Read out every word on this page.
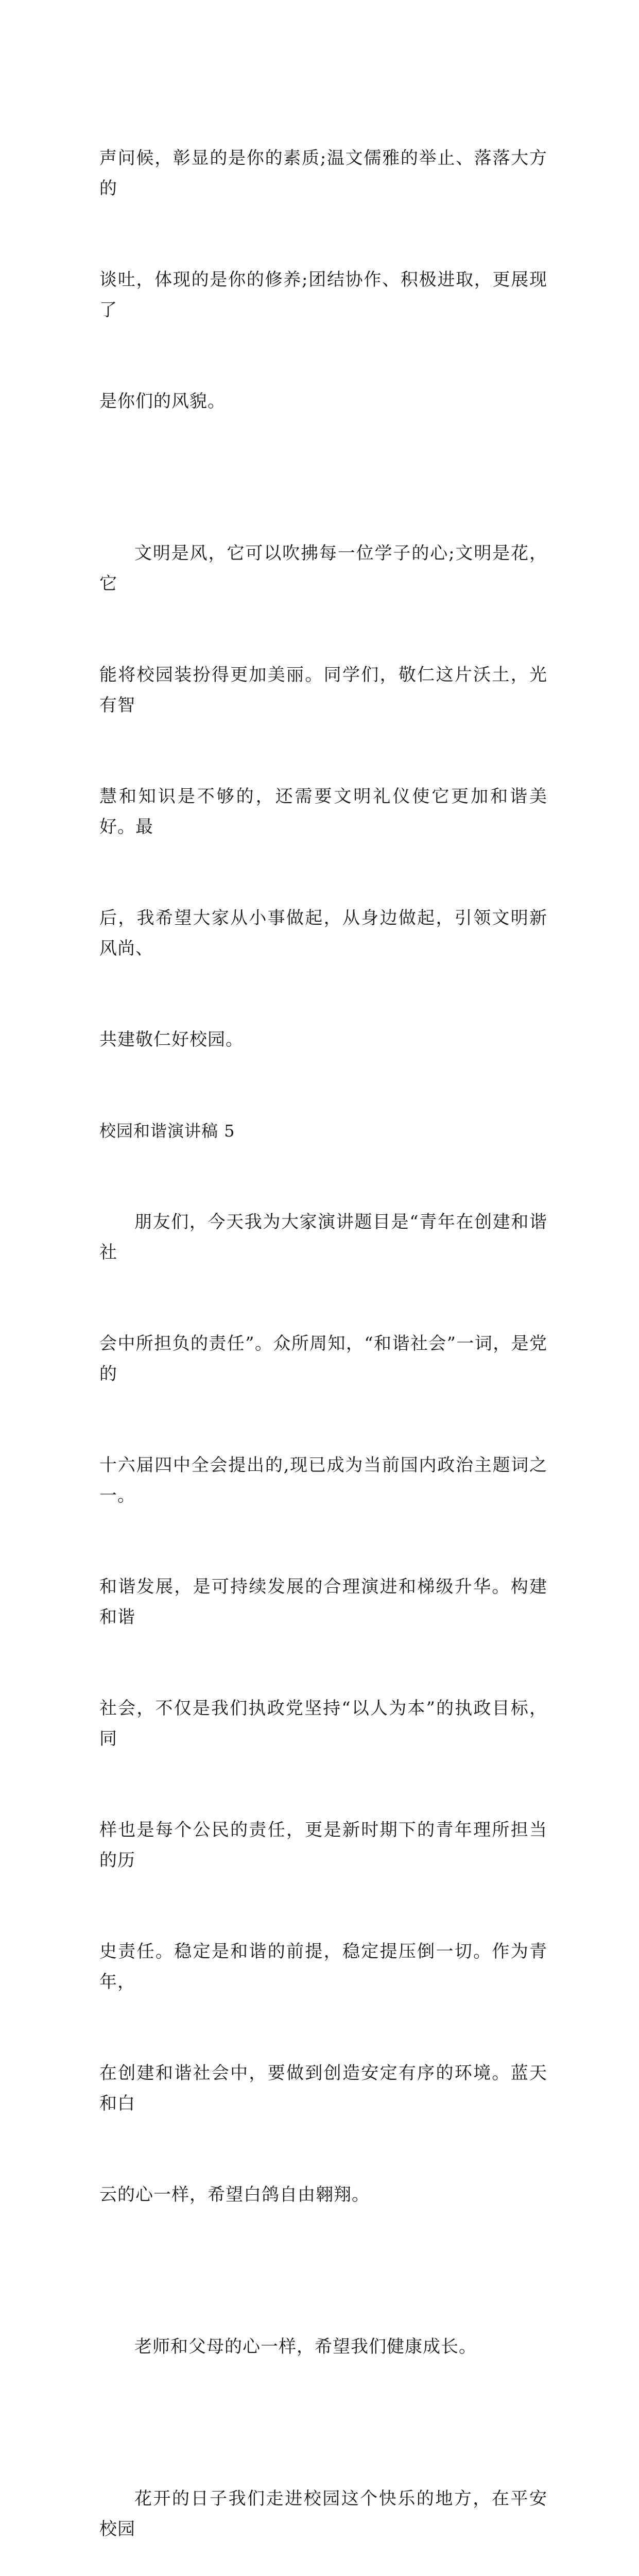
声问候，彰显的是你的素质;温文儒雅的举止、落落大方的

谈吐，体现的是你的修养;团结协作、积极进取，更展现了

是你们的风貌。

文明是风，它可以吹拂每一位学子的心;文明是花，它

能将校园装扮得更加美丽。同学们，敬仁这片沃土，光有智

慧和知识是不够的，还需要文明礼仪使它更加和谐美好。最

后，我希望大家从小事做起，从身边做起，引领文明新风尚、

共建敬仁好校园。

校园和谐演讲稿 5

朋友们，今天我为大家演讲题目是“青年在创建和谐社

会中所担负的责任”。众所周知，“和谐社会”一词，是党的

十六届四中全会提出的,现已成为当前国内政治主题词之一。

和谐发展，是可持续发展的合理演进和梯级升华。构建和谐

社会，不仅是我们执政党坚持“以人为本”的执政目标，同

样也是每个公民的责任，更是新时期下的青年理所担当的历

史责任。稳定是和谐的前提，稳定提压倒一切。作为青年，

在创建和谐社会中，要做到创造安定有序的环境。蓝天和白

云的心一样，希望白鸽自由翱翔。

老师和父母的心一样，希望我们健康成长。

花开的日子我们走进校园这个快乐的地方，在平安校园
